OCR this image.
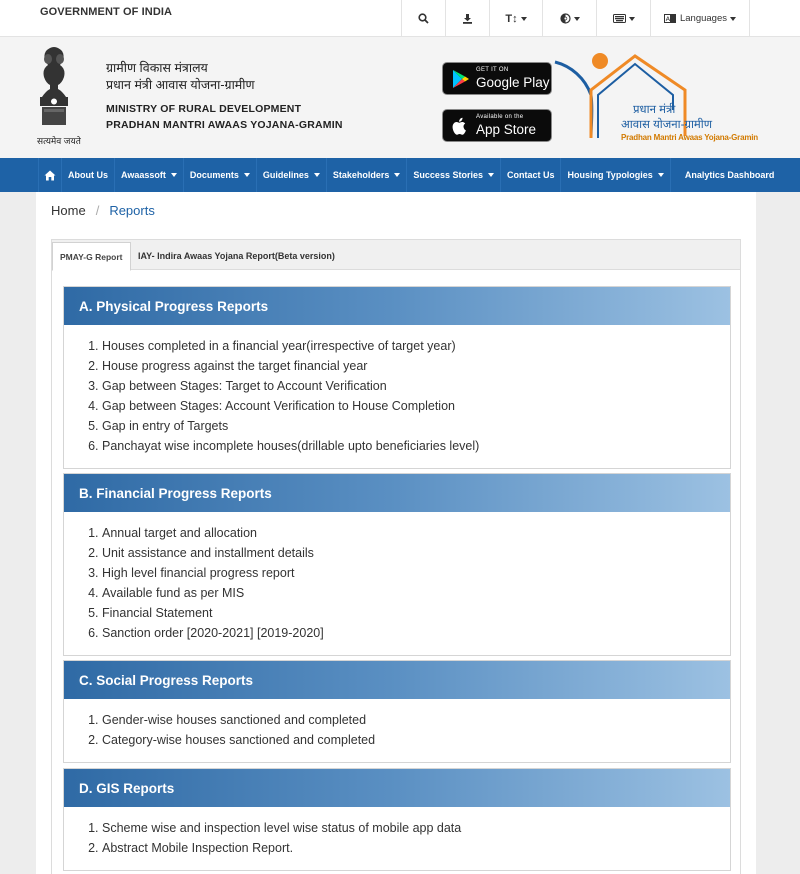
GOVERNMENT OF INDIA
T↕	A Languages
सत्यमेव जयते
ग्रामीण विकास मंत्रालय
प्रधान मंत्री आवास योजना-ग्रामीण
MINISTRY OF RURAL DEVELOPMENT
PRADHAN MANTRI AWAAS YOJANA-GRAMIN
GET IT ON
Google Play
Available on the
App Store
प्रधान मंत्री
आवास योजना-ग्रामीण
Pradhan Mantri Awaas Yojana-Gramin
About Us Awaassoft	Documents	Guidelines	Stakeholders	Success Stories	Contact Us Housing Typologies	Analytics Dashboard
Home / Reports
PMAY-G Report	IAY- Indira Awaas Yojana Report(Beta version)
A. Physical Progress Reports
1. Houses completed in a financial year(irrespective of target year)
2. House progress against the target financial year
3. Gap between Stages: Target to Account Verification
4. Gap between Stages: Account Verification to House Completion
5. Gap in entry of Targets
6. Panchayat wise incomplete houses(drillable upto beneficiaries level)
B. Financial Progress Reports
1. Annual target and allocation
2. Unit assistance and installment details
3. High level financial progress report
4. Available fund as per MIS
5. Financial Statement
6. Sanction order [2020-2021] [2019-2020]
C. Social Progress Reports
1. Gender-wise houses sanctioned and completed
2. Category-wise houses sanctioned and completed
D. GIS Reports
1. Scheme wise and inspection level wise status of mobile app data
2. Abstract Mobile Inspection Report.
